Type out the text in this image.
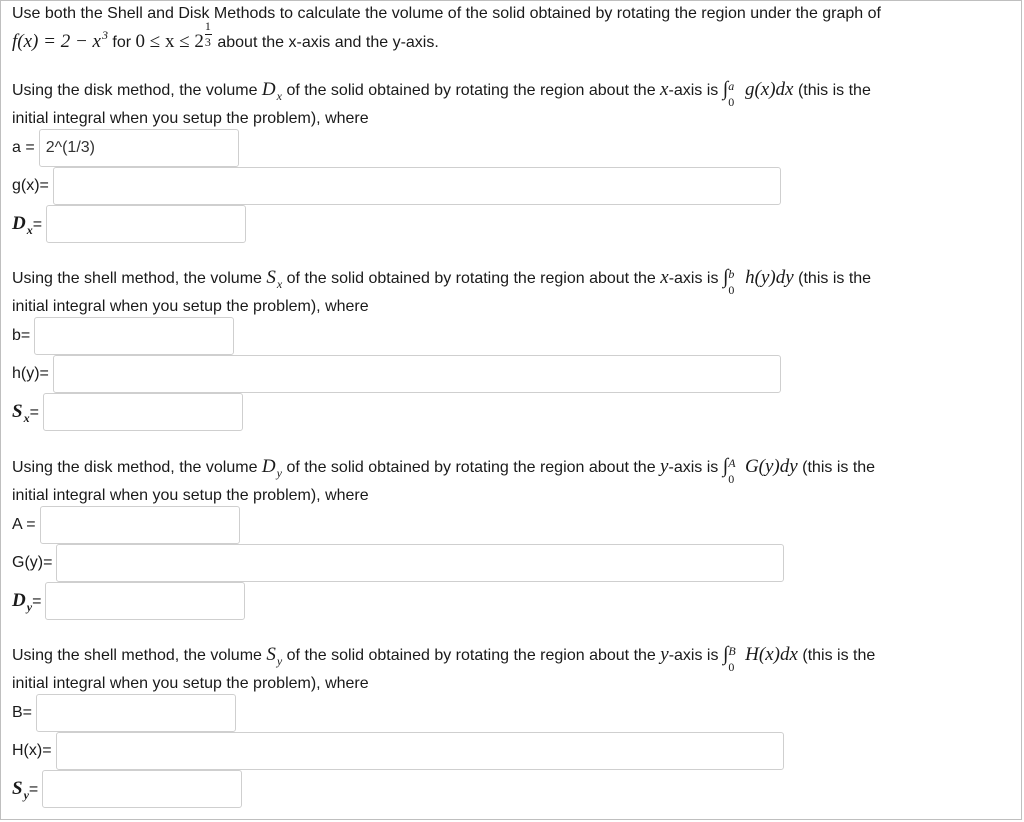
Use both the Shell and Disk Methods to calculate the volume of the solid obtained by rotating the region under the graph of
$f(x) = 2 - x^3$ for $0 \le x \le 2 \frac{1}{3}$ about the x-axis and the y-axis.
Using the disk method, the volume $D_x$ of the solid obtained by rotating the region about the x-axis is ∫ a
0
g(x)dx (this is the
initial integral when you setup the problem), where
a =
2^(1/3)
g(x)=
$D_x=$
Using the shell method, the volume $S_x$ of the solid obtained by rotating the region about the x-axis is ∫ b
0
h(y)dy (this is the
initial integral when you setup the problem), where
b=
h(y)=
$S_x=$
Using the disk method, the volume $D_y$ of the solid obtained by rotating the region about the y-axis is ∫ A
0
G(y)dy (this is the
initial integral when you setup the problem), where
A =
G(y)=
$D_y=$
Using the shell method, the volume $S_y$ of the solid obtained by rotating the region about the y-axis is ∫ B
0
H(x)dx (this is the
initial integral when you setup the problem), where
B=
H(x)=
$S_y=$
